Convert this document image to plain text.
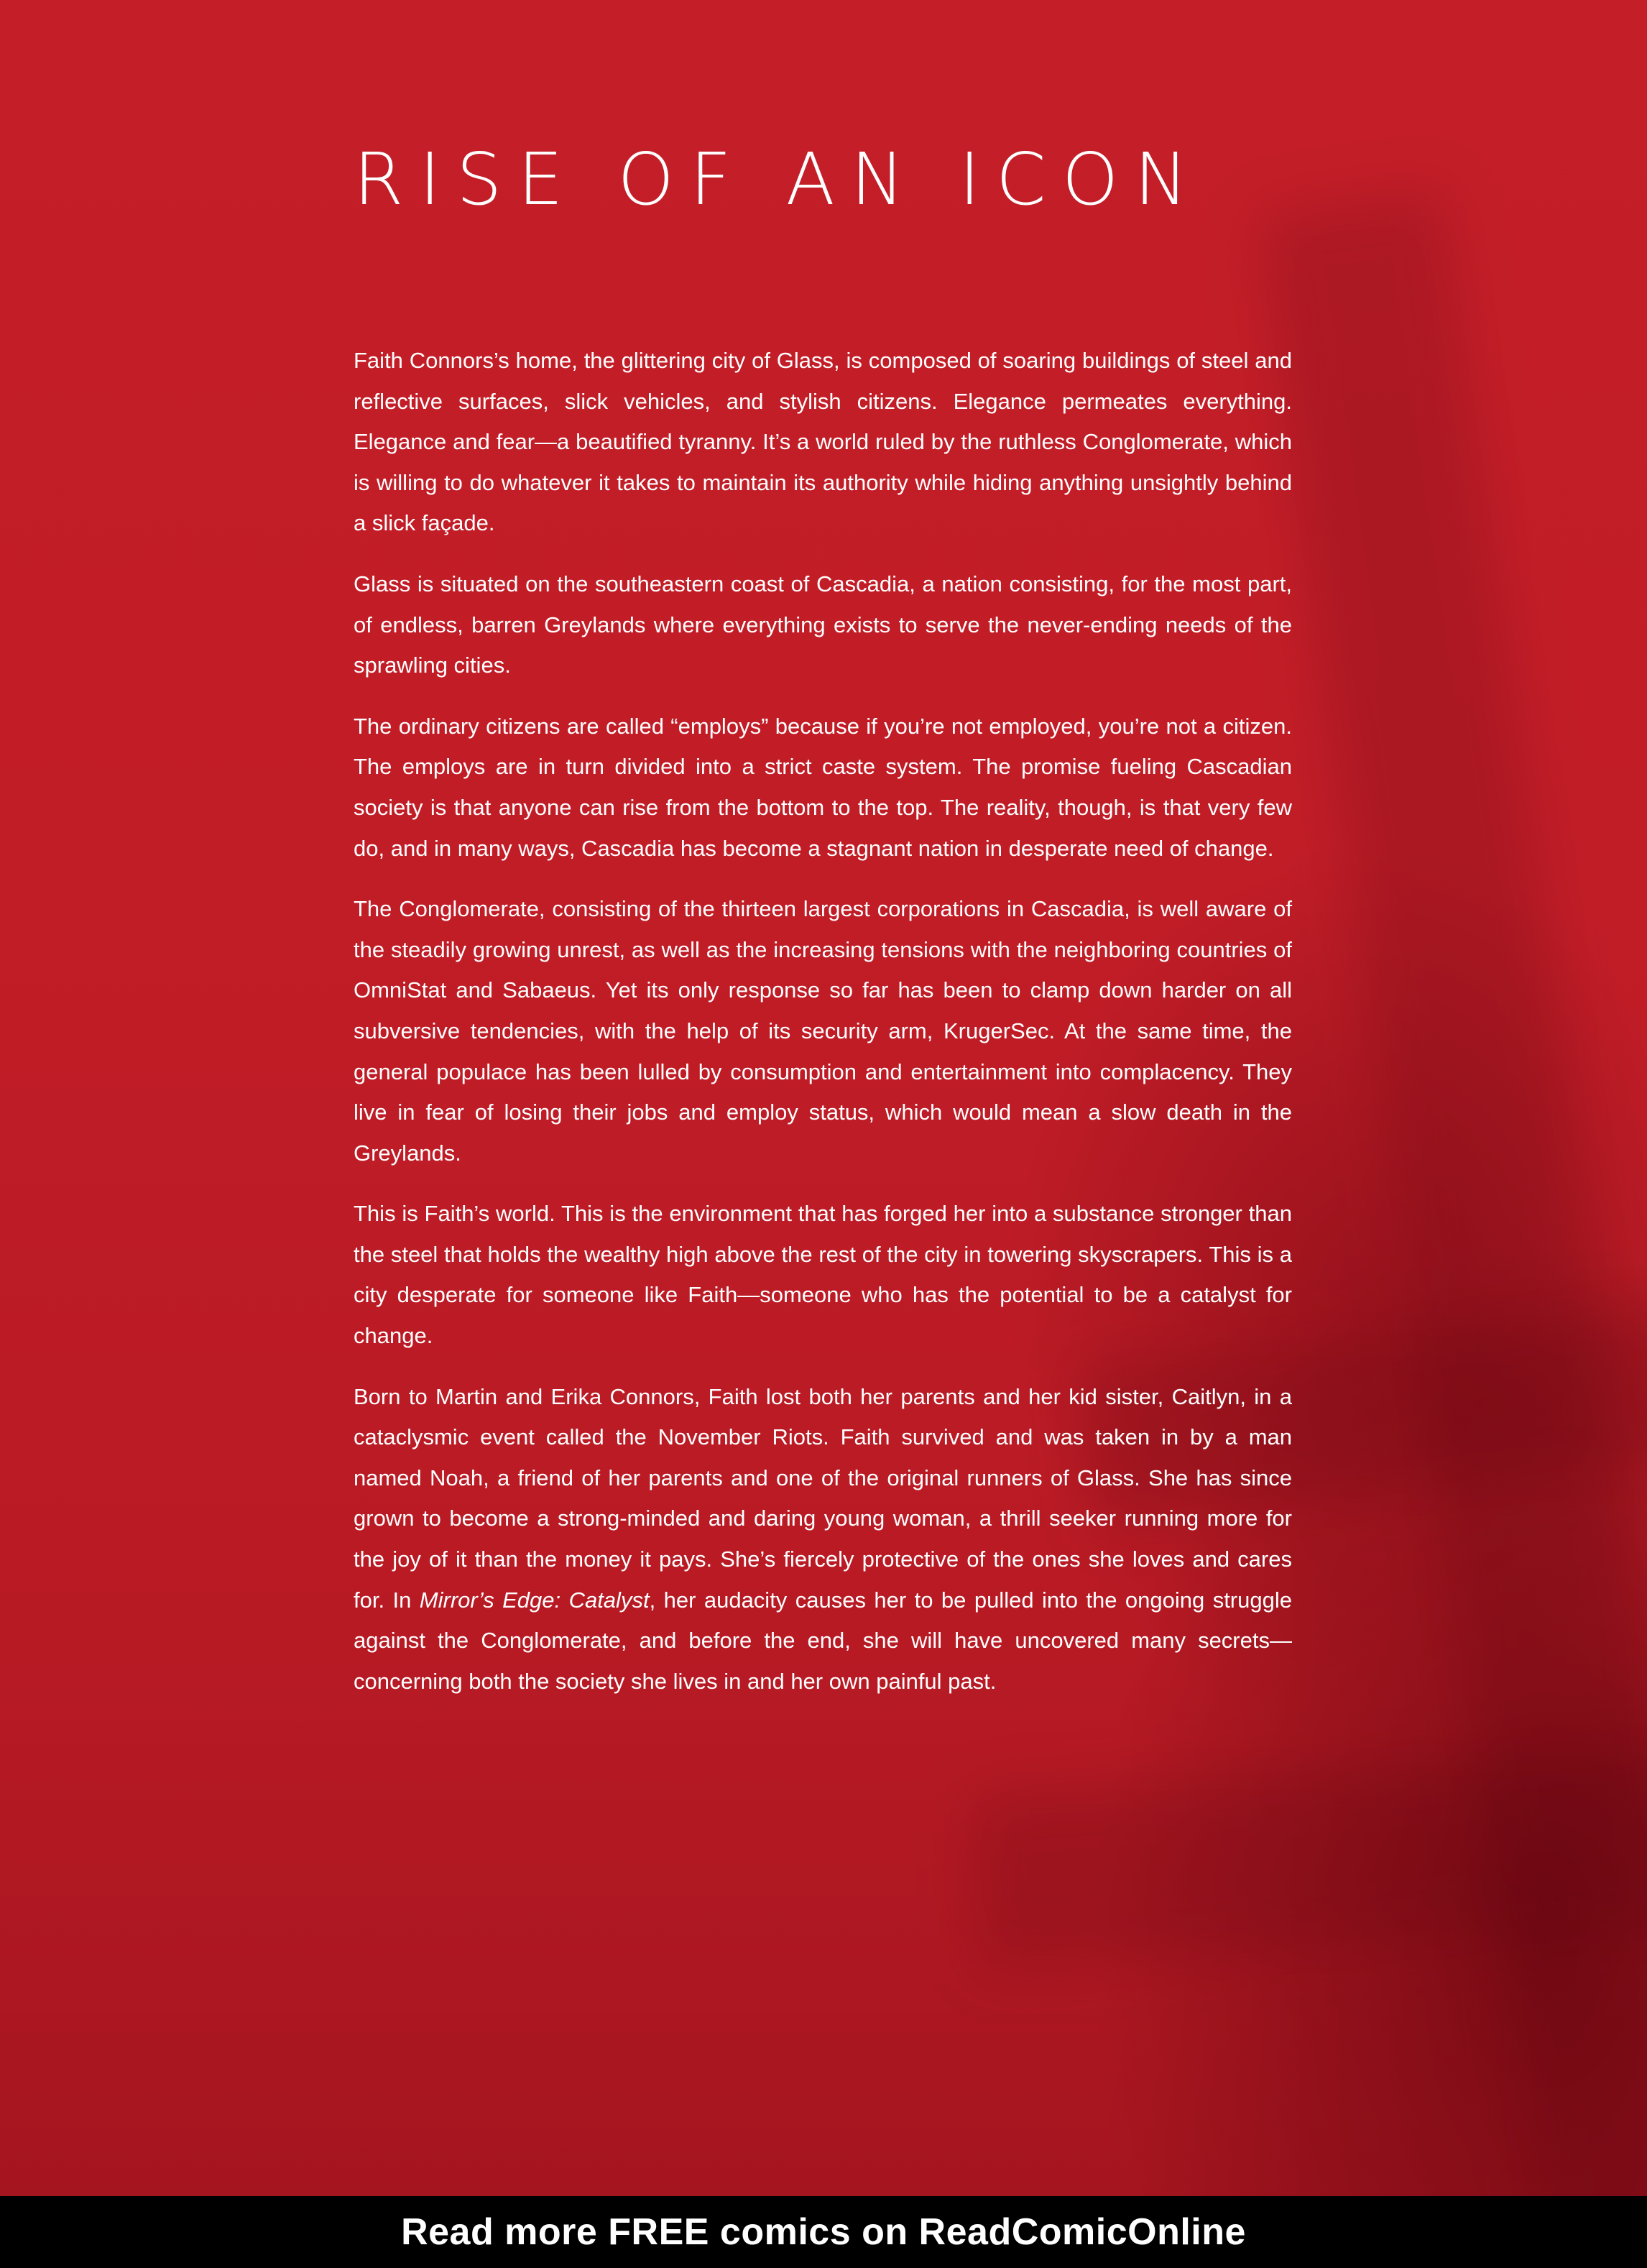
RISE OF AN ICON

Faith Connors’s home, the glittering city of Glass, is composed of soaring buildings of steel and reflective surfaces, slick vehicles, and stylish citizens. Elegance permeates everything. Elegance and fear—a beautified tyranny. It’s a world ruled by the ruthless Conglomerate, which is willing to do whatever it takes to maintain its authority while hiding anything unsightly behind a slick façade.

Glass is situated on the southeastern coast of Cascadia, a nation consisting, for the most part, of endless, barren Greylands where everything exists to serve the never-ending needs of the sprawling cities.

The ordinary citizens are called “employs” because if you’re not employed, you’re not a citizen. The employs are in turn divided into a strict caste system. The promise fueling Cascadian society is that anyone can rise from the bottom to the top. The reality, though, is that very few do, and in many ways, Cascadia has become a stagnant nation in desperate need of change.

The Conglomerate, consisting of the thirteen largest corporations in Cascadia, is well aware of the steadily growing unrest, as well as the increasing tensions with the neighboring countries of OmniStat and Sabaeus. Yet its only response so far has been to clamp down harder on all subversive tendencies, with the help of its security arm, KrugerSec. At the same time, the general populace has been lulled by consumption and entertainment into complacency. They live in fear of losing their jobs and employ status, which would mean a slow death in the Greylands.

This is Faith’s world. This is the environment that has forged her into a substance stronger than the steel that holds the wealthy high above the rest of the city in towering skyscrapers. This is a city desperate for someone like Faith—someone who has the potential to be a catalyst for change.

Born to Martin and Erika Connors, Faith lost both her parents and her kid sister, Caitlyn, in a cataclysmic event called the November Riots. Faith survived and was taken in by a man named Noah, a friend of her parents and one of the original runners of Glass. She has since grown to become a strong-minded and daring young woman, a thrill seeker running more for the joy of it than the money it pays. She’s fiercely protective of the ones she loves and cares for. In Mirror’s Edge: Catalyst, her audacity causes her to be pulled into the ongoing struggle against the Conglomerate, and before the end, she will have uncovered many secrets—concerning both the society she lives in and her own painful past.

Read more FREE comics on ReadComicOnline
